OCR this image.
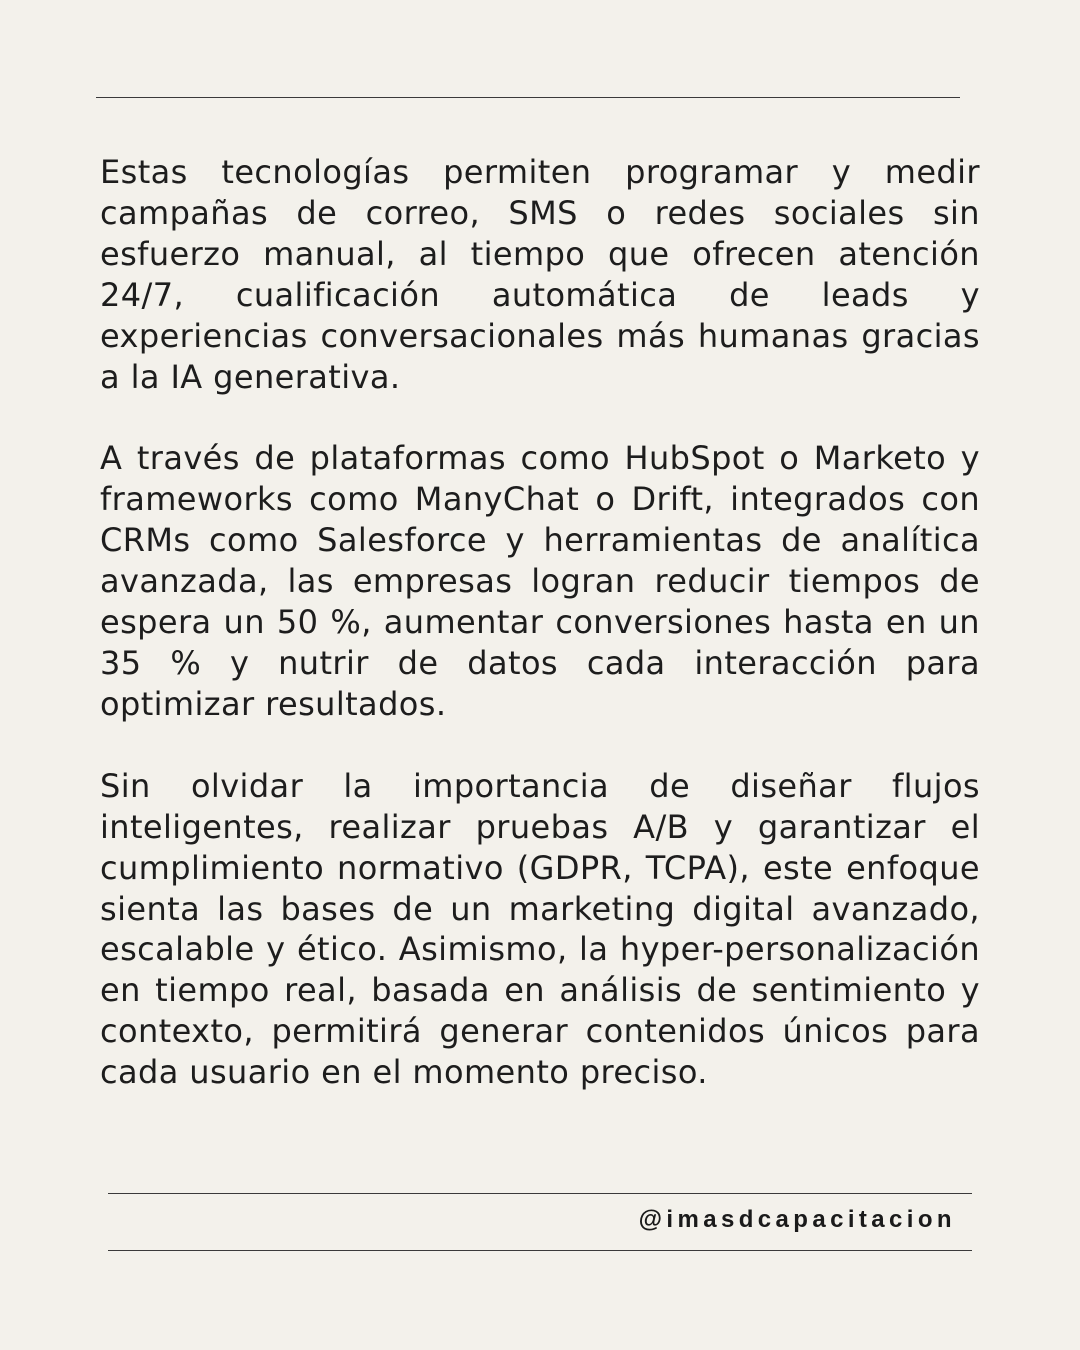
Estas tecnologías permiten programar y medir campañas de correo, SMS o redes sociales sin esfuerzo manual, al tiempo que ofrecen atención 24/7, cualificación automática de leads y experiencias conversacionales más humanas gracias a la IA generativa.

A través de plataformas como HubSpot o Marketo y frameworks como ManyChat o Drift, integrados con CRMs como Salesforce y herramientas de analítica avanzada, las empresas logran reducir tiempos de espera un 50 %, aumentar conversiones hasta en un 35 % y nutrir de datos cada interacción para optimizar resultados.

Sin olvidar la importancia de diseñar flujos inteligentes, realizar pruebas A/B y garantizar el cumplimiento normativo (GDPR, TCPA), este enfoque sienta las bases de un marketing digital avanzado, escalable y ético. Asimismo, la hyper-personalización en tiempo real, basada en análisis de sentimiento y contexto, permitirá generar contenidos únicos para cada usuario en el momento preciso.

@imasdcapacitacion
